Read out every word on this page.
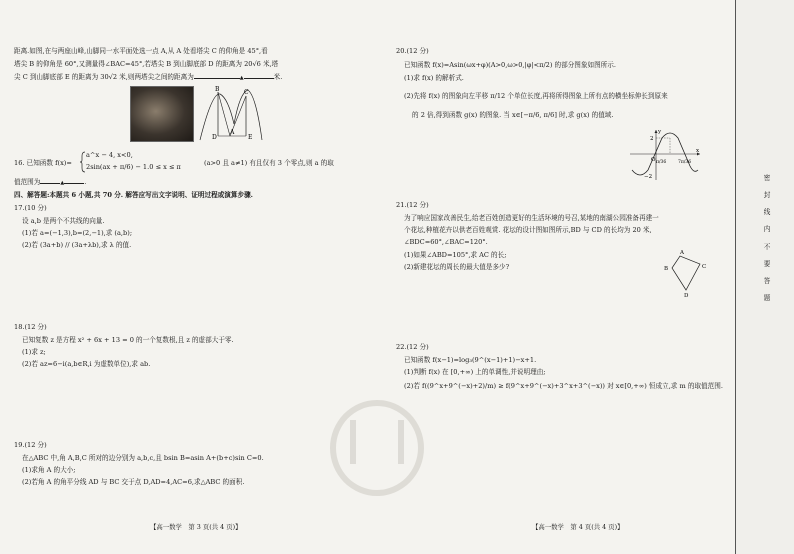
距离.如图,在与两座山峰,山脚同一水平面处选一点 A,从 A 处看塔尖 C 的仰角是 45°,看
塔尖 B 的仰角是 60°,又测量得∠BAC=45°,若塔尖 B 到山脚底部 D 的距离为 20√6 米,塔
尖 C 到山脚底部 E 的距离为 30√2 米,则两塔尖之间的距离为	▲	米.
B	C
D
A
E
16. 已知函数 f(x)=
a^x − 4, x<0,
2sin(ax + π/6) − 1.0 ≤ x ≤ π	(a>0 且 a≠1) 有且仅有 3 个零点,则 a 的取
值范围为	▲	.
四、解答题:本题共 6 小题,共 70 分. 解答应写出文字说明、证明过程或演算步骤.
17.(10 分)
设 a,b 是两个不共线的向量.
(1)若 a=(−1,3),b=(2,−1),求 (a,b);
(2)若 (3a+b) // (3a+λb),求 λ 的值.
18.(12 分)
已知复数 z 是方程 x² + 6x + 13 = 0 的一个复数根,且 z 的虚部大于零.
(1)求 z;
(2)若 az=6−i(a,b∈R,i 为虚数单位),求 ab.
19.(12 分)
在△ABC 中,角 A,B,C 所对的边分别为 a,b,c,且 bsin B=asin A+(b+c)sin C=0.
(1)求角 A 的大小;
(2)若角 A 的角平分线 AD 与 BC 交于点 D,AD=4,AC=6,求△ABC 的面积.
【高一数学　第 3 页(共 4 页)】
20.(12 分)
已知函数 f(x)=Asin(ωx+φ)(A>0,ω>0,|φ|<π/2) 的部分图象如图所示.
(1)求 f(x) 的解析式.
(2)先将 f(x) 的图象向左平移 π/12 个单位长度,再将所得图象上所有点的横坐标伸长到原来
的 2 倍,得到函数 g(x) 的图象. 当 x∈[−π/6, π/6] 时,求 g(x) 的值域.
y
2
O π/36	7π/36
x
−2
21.(12 分)
为了响应国家改善民生,给老百姓创造更好的生活环境的号召,某地的南湖公园准备再建一
个花坛,种植花卉以供老百姓观赏. 花坛的设计图如图所示,BD 与 CD 的长均为 20 米,
∠BDC=60°,∠BAC=120°.
(1)如果∠ABD=105°,求 AC 的长;
(2)新建花坛的周长的最大值是多少?
A
B	C
D
22.(12 分)
已知函数 f(x−1)=log₃(9^(x−1)+1)−x+1.
(1)判断 f(x) 在 [0,+∞) 上的单调性,并说明理由;
(2)若 f((9^x+9^(−x)+2)/m) ≥ f(9^x+9^(−x)+3^x+3^(−x)) 对 x∈[0,+∞) 恒成立,求 m 的取值范围.
【高一数学　第 4 页(共 4 页)】
密封线内不要答题
